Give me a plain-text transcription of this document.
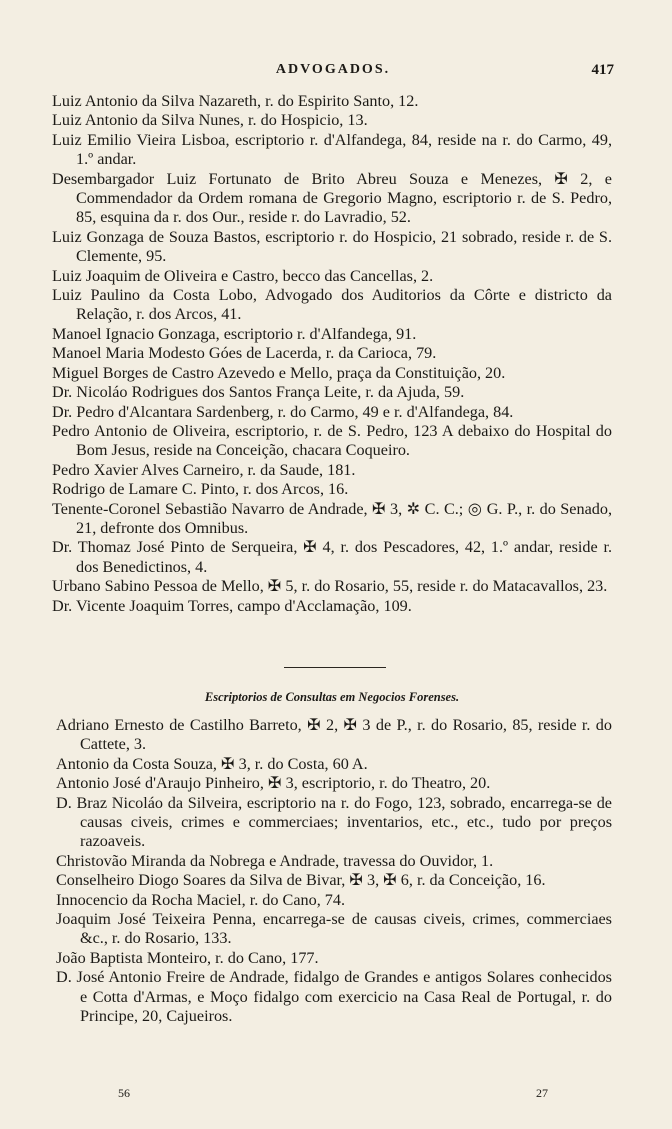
ADVOGADOS.	417
Luiz Antonio da Silva Nazareth, r. do Espirito Santo, 12.
Luiz Antonio da Silva Nunes, r. do Hospicio, 13.
Luiz Emilio Vieira Lisboa, escriptorio r. d'Alfandega, 84, reside na r. do Carmo, 49, 1.º andar.
Desembargador Luiz Fortunato de Brito Abreu Souza e Menezes, ✠ 2, e Commendador da Ordem romana de Gregorio Magno, escriptorio r. de S. Pedro, 85, esquina da r. dos Our., reside r. do Lavradio, 52.
Luiz Gonzaga de Souza Bastos, escriptorio r. do Hospicio, 21 sobrado, reside r. de S. Clemente, 95.
Luiz Joaquim de Oliveira e Castro, becco das Cancellas, 2.
Luiz Paulino da Costa Lobo, Advogado dos Auditorios da Côrte e districto da Relação, r. dos Arcos, 41.
Manoel Ignacio Gonzaga, escriptorio r. d'Alfandega, 91.
Manoel Maria Modesto Góes de Lacerda, r. da Carioca, 79.
Miguel Borges de Castro Azevedo e Mello, praça da Constituição, 20.
Dr. Nicoláo Rodrigues dos Santos França Leite, r. da Ajuda, 59.
Dr. Pedro d'Alcantara Sardenberg, r. do Carmo, 49 e r. d'Alfandega, 84.
Pedro Antonio de Oliveira, escriptorio, r. de S. Pedro, 123 A debaixo do Hospital do Bom Jesus, reside na Conceição, chacara Coqueiro.
Pedro Xavier Alves Carneiro, r. da Saude, 181.
Rodrigo de Lamare C. Pinto, r. dos Arcos, 16.
Tenente-Coronel Sebastião Navarro de Andrade, ✠ 3, ✲ C. C.; ◎ G. P., r. do Senado, 21, defronte dos Omnibus.
Dr. Thomaz José Pinto de Serqueira, ✠ 4, r. dos Pescadores, 42, 1.º andar, reside r. dos Benedictinos, 4.
Urbano Sabino Pessoa de Mello, ✠ 5, r. do Rosario, 55, reside r. do Matacavallos, 23.
Dr. Vicente Joaquim Torres, campo d'Acclamação, 109.
Escriptorios de Consultas em Negocios Forenses.
Adriano Ernesto de Castilho Barreto, ✠ 2, ✠ 3 de P., r. do Rosario, 85, reside r. do Cattete, 3.
Antonio da Costa Souza, ✠ 3, r. do Costa, 60 A.
Antonio José d'Araujo Pinheiro, ✠ 3, escriptorio, r. do Theatro, 20.
D. Braz Nicoláo da Silveira, escriptorio na r. do Fogo, 123, sobrado, encarrega-se de causas civeis, crimes e commerciaes; inventarios, etc., etc., tudo por preços razoaveis.
Christovão Miranda da Nobrega e Andrade, travessa do Ouvidor, 1.
Conselheiro Diogo Soares da Silva de Bivar, ✠ 3, ✠ 6, r. da Conceição, 16.
Innocencio da Rocha Maciel, r. do Cano, 74.
Joaquim José Teixeira Penna, encarrega-se de causas civeis, crimes, commerciaes &c., r. do Rosario, 133.
João Baptista Monteiro, r. do Cano, 177.
D. José Antonio Freire de Andrade, fidalgo de Grandes e antigos Solares conhecidos e Cotta d'Armas, e Moço fidalgo com exercicio na Casa Real de Portugal, r. do Principe, 20, Cajueiros.
56	27
